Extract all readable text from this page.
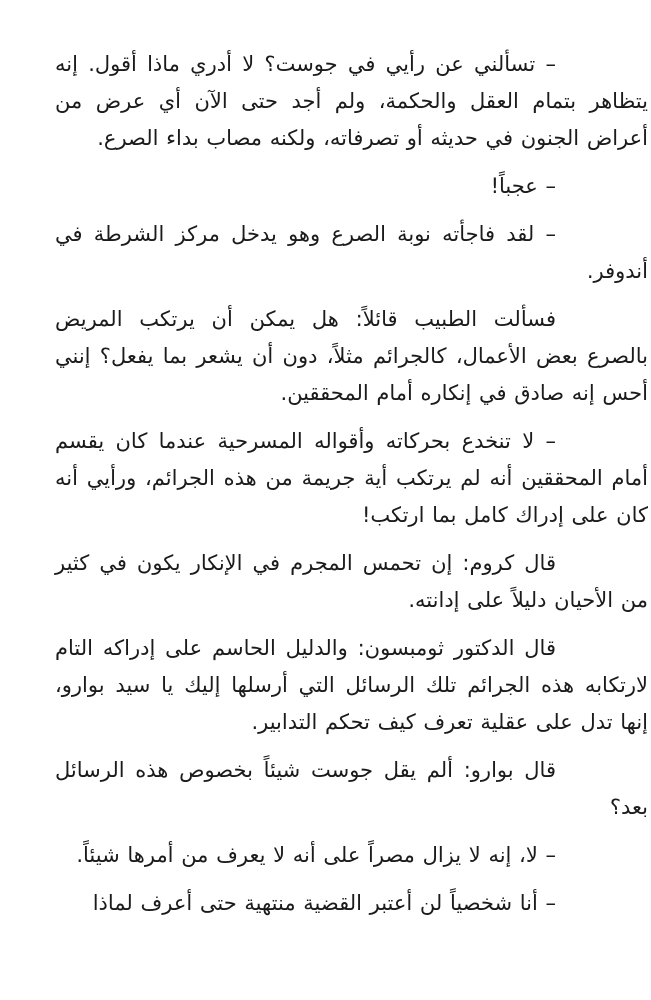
– تسألني عن رأيي في جوست؟ لا أدري ماذا أقول. إنه يتظاهر بتمام العقل والحكمة، ولم أجد حتى الآن أي عرض من أعراض الجنون في حديثه أو تصرفاته، ولكنه مصاب بداء الصرع.

– عجباً!

– لقد فاجأته نوبة الصرع وهو يدخل مركز الشرطة في أندوفر.

فسألت الطبيب قائلاً: هل يمكن أن يرتكب المريض بالصرع بعض الأعمال، كالجرائم مثلاً، دون أن يشعر بما يفعل؟ إنني أحس إنه صادق في إنكاره أمام المحققين.

– لا تنخدع بحركاته وأقواله المسرحية عندما كان يقسم أمام المحققين أنه لم يرتكب أية جريمة من هذه الجرائم، ورأيي أنه كان على إدراك كامل بما ارتكب!

قال كروم: إن تحمس المجرم في الإنكار يكون في كثير من الأحيان دليلاً على إدانته.

قال الدكتور ثومبسون: والدليل الحاسم على إدراكه التام لارتكابه هذه الجرائم تلك الرسائل التي أرسلها إليك يا سيد بوارو، إنها تدل على عقلية تعرف كيف تحكم التدابير.

قال بوارو: ألم يقل جوست شيئاً بخصوص هذه الرسائل بعد؟

– لا، إنه لا يزال مصراً على أنه لا يعرف من أمرها شيئاً.

– أنا شخصياً لن أعتبر القضية منتهية حتى أعرف لماذا
